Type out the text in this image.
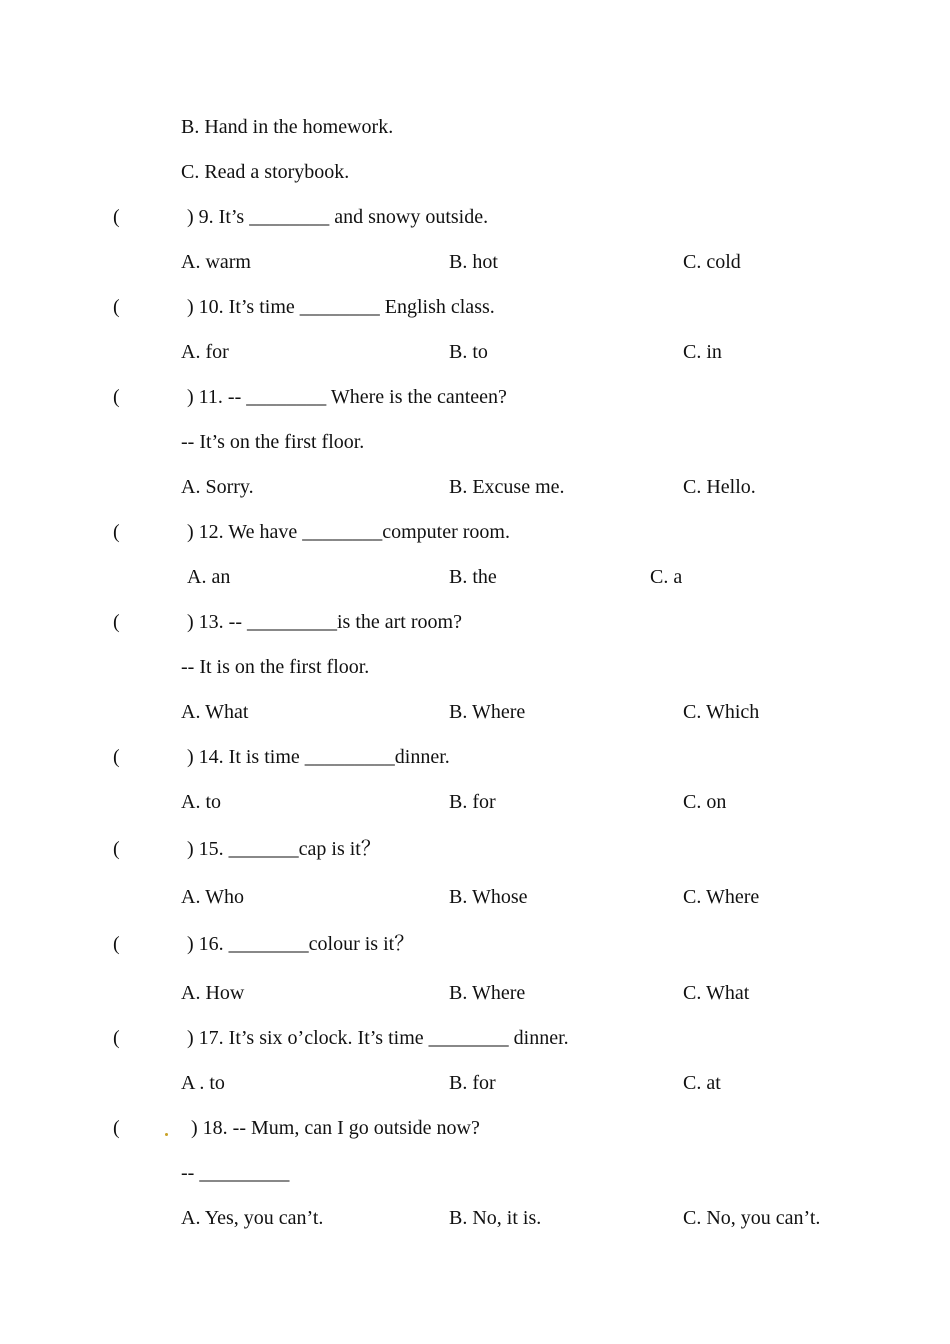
B. Hand in the homework.
C. Read a storybook.
(	) 9. It’s ________ and snowy outside.
A. warm	B. hot	C. cold
(	) 10. It’s time ________ English class.
A. for	B. to	C. in
(	) 11. -- ________ Where is the canteen?
-- It’s on the first floor.
A. Sorry.	B. Excuse me.	C. Hello.
(	) 12. We have ________computer room.
A. an	B. the	C. a
(	) 13. -- _________is the art room?
-- It is on the first floor.
A. What	B. Where	C. Which
(	) 14. It is time _________dinner.
A. to	B. for	C. on
(	) 15. _______cap is it？
A. Who	B. Whose	C. Where
(	) 16. ________colour is it？
A. How	B. Where	C. What
(	) 17. It’s six o’clock. It’s time ________ dinner.
A . to	B. for	C. at
(	) 18. -- Mum, can I go outside now?
-- _________
A. Yes, you can’t.	B. No, it is.	C. No, you can’t.
